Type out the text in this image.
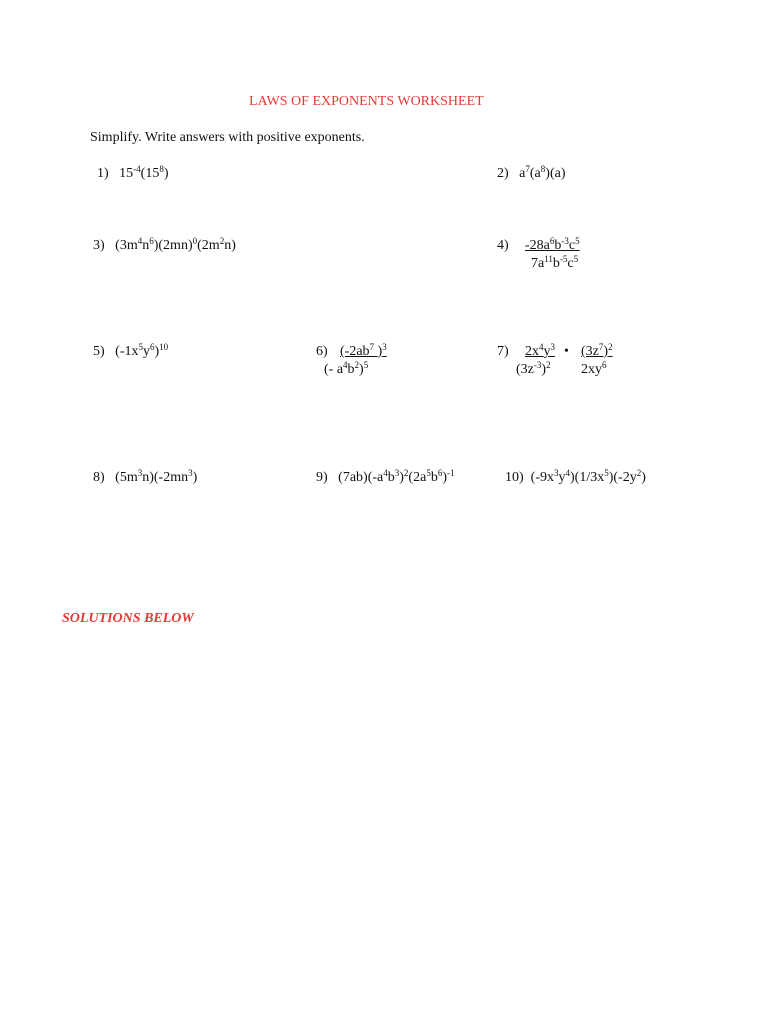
LAWS OF EXPONENTS WORKSHEET
Simplify. Write answers with positive exponents.
1) $15^{-4}(15^8)$	2) $a^7(a^8)(a)$
3) $(3m^4n^6)(2mn)^0(2m^2n)$	4) $-28a^6b^{-3}c^5$
$7a^{11}b^{-5}c^5$
5) $(-1x^5y^6)^{10}$	6) ($-2ab^7$ )$^3$
(- $a^4b^2)^5$
7) $2x^4y^3$ • $(3z^7)^2$
$(3z^{-3})^2$ $2xy^6$
8) $(5m^3n)(-2mn^3)$	9) $(7ab)(-a^4b^3)^2(2a^5b^6)^{-1}$	10) $(-9x^3y^4)(1/3x^5)(-2y^2)$
SOLUTIONS BELOW
